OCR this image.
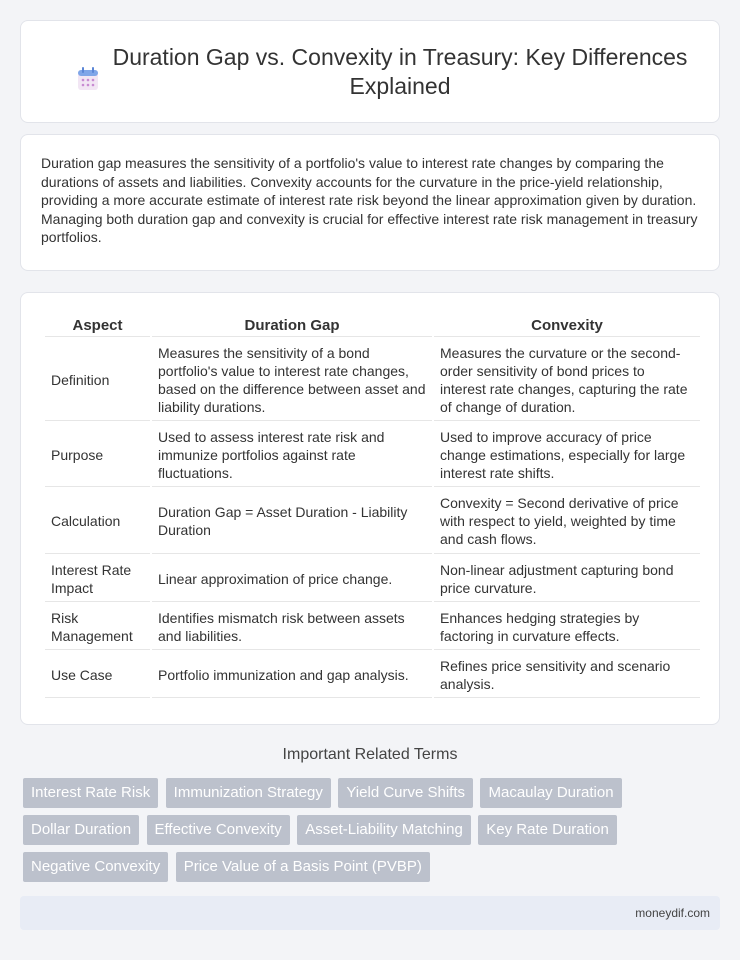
Duration Gap vs. Convexity in Treasury: Key Differences Explained

Duration gap measures the sensitivity of a portfolio's value to interest rate changes by comparing the durations of assets and liabilities. Convexity accounts for the curvature in the price-yield relationship, providing a more accurate estimate of interest rate risk beyond the linear approximation given by duration. Managing both duration gap and convexity is crucial for effective interest rate risk management in treasury portfolios.

Aspect	Duration Gap	Convexity
Definition	Measures the sensitivity of a bond portfolio's value to interest rate changes, based on the difference between asset and liability durations.	Measures the curvature or the second-order sensitivity of bond prices to interest rate changes, capturing the rate of change of duration.
Purpose	Used to assess interest rate risk and immunize portfolios against rate fluctuations.	Used to improve accuracy of price change estimations, especially for large interest rate shifts.
Calculation	Duration Gap = Asset Duration - Liability Duration	Convexity = Second derivative of price with respect to yield, weighted by time and cash flows.
Interest Rate Impact	Linear approximation of price change.	Non-linear adjustment capturing bond price curvature.
Risk Management	Identifies mismatch risk between assets and liabilities.	Enhances hedging strategies by factoring in curvature effects.
Use Case	Portfolio immunization and gap analysis.	Refines price sensitivity and scenario analysis.
Important Related Terms
Interest Rate Risk Immunization Strategy Yield Curve Shifts Macaulay Duration Dollar Duration Effective Convexity Asset-Liability Matching Key Rate Duration Negative Convexity Price Value of a Basis Point (PVBP)
moneydif.com
